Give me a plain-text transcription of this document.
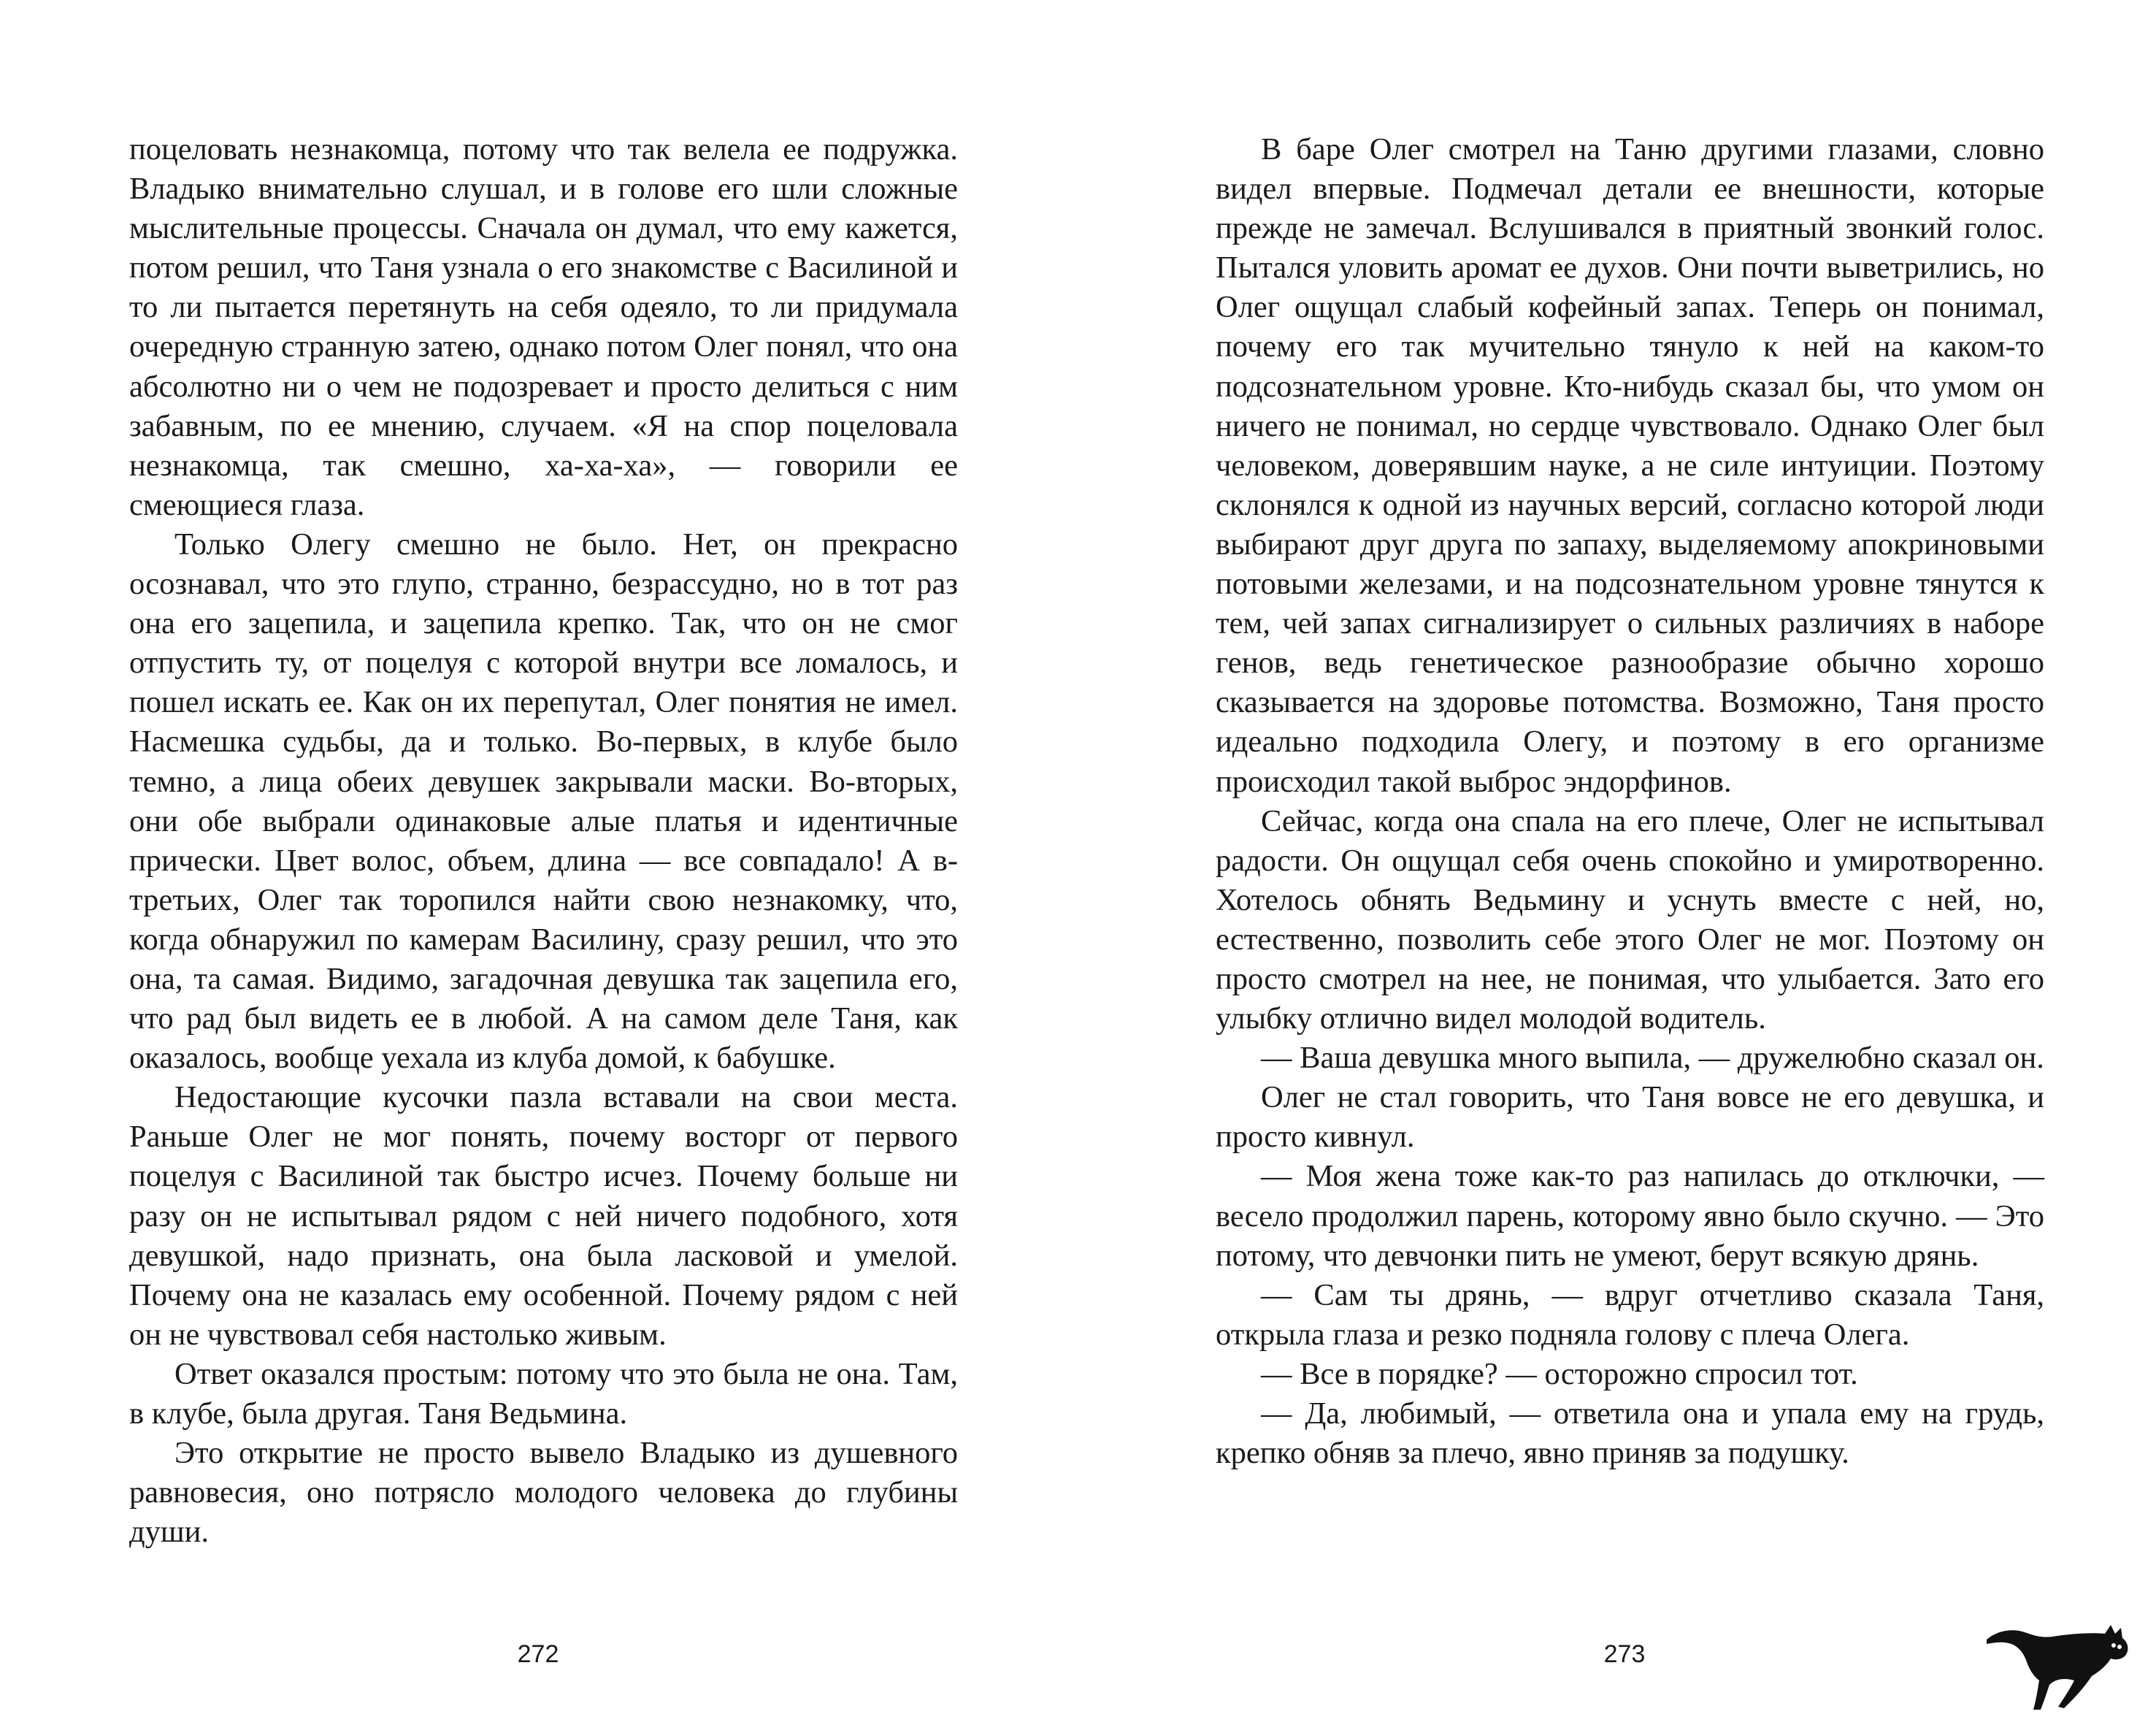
поцеловать незнакомца, потому что так велела ее подружка. Владыко внимательно слушал, и в голове его шли сложные мыслительные процессы. Сначала он думал, что ему кажется, потом решил, что Таня узнала о его знакомстве с Василиной и то ли пытается перетянуть на себя одеяло, то ли придумала очередную странную затею, однако потом Олег понял, что она абсолютно ни о чем не подозревает и просто делиться с ним забавным, по ее мнению, случаем. «Я на спор поцеловала незнакомца, так смешно, ха-ха-ха», — говорили ее смеющиеся глаза.

Только Олегу смешно не было. Нет, он прекрасно осознавал, что это глупо, странно, безрассудно, но в тот раз она его зацепила, и зацепила крепко. Так, что он не смог отпустить ту, от поцелуя с которой внутри все ломалось, и пошел искать ее. Как он их перепутал, Олег понятия не имел. Насмешка судьбы, да и только. Во-первых, в клубе было темно, а лица обеих девушек закрывали маски. Во-вторых, они обе выбрали одинаковые алые платья и идентичные прически. Цвет волос, объем, длина — все совпадало! А в-третьих, Олег так торопился найти свою незнакомку, что, когда обнаружил по камерам Василину, сразу решил, что это она, та самая. Видимо, загадочная девушка так зацепила его, что рад был видеть ее в любой. А на самом деле Таня, как оказалось, вообще уехала из клуба домой, к бабушке.

Недостающие кусочки пазла вставали на свои места. Раньше Олег не мог понять, почему восторг от первого поцелуя с Василиной так быстро исчез. Почему больше ни разу он не испытывал рядом с ней ничего подобного, хотя девушкой, надо признать, она была ласковой и умелой. Почему она не казалась ему особенной. Почему рядом с ней он не чувствовал себя настолько живым.

Ответ оказался простым: потому что это была не она. Там, в клубе, была другая. Таня Ведьмина.

Это открытие не просто вывело Владыко из душевного равновесия, оно потрясло молодого человека до глубины души.

В баре Олег смотрел на Таню другими глазами, словно видел впервые. Подмечал детали ее внешности, которые прежде не замечал. Вслушивался в приятный звонкий голос. Пытался уловить аромат ее духов. Они почти выветрились, но Олег ощущал слабый кофейный запах. Теперь он понимал, почему его так мучительно тянуло к ней на каком-то подсознательном уровне. Кто-нибудь сказал бы, что умом он ничего не понимал, но сердце чувствовало. Однако Олег был человеком, доверявшим науке, а не силе интуиции. Поэтому склонялся к одной из научных версий, согласно которой люди выбирают друг друга по запаху, выделяемому апокриновыми потовыми железами, и на подсознательном уровне тянутся к тем, чей запах сигнализирует о сильных различиях в наборе генов, ведь генетическое разнообразие обычно хорошо сказывается на здоровье потомства. Возможно, Таня просто идеально подходила Олегу, и поэтому в его организме происходил такой выброс эндорфинов.

Сейчас, когда она спала на его плече, Олег не испытывал радости. Он ощущал себя очень спокойно и умиротворенно. Хотелось обнять Ведьмину и уснуть вместе с ней, но, естественно, позволить себе этого Олег не мог. Поэтому он просто смотрел на нее, не понимая, что улыбается. Зато его улыбку отлично видел молодой водитель.

— Ваша девушка много выпила, — дружелюбно сказал он.

Олег не стал говорить, что Таня вовсе не его девушка, и просто кивнул.

— Моя жена тоже как-то раз напилась до отключки, — весело продолжил парень, которому явно было скучно. — Это потому, что девчонки пить не умеют, берут всякую дрянь.

— Сам ты дрянь, — вдруг отчетливо сказала Таня, открыла глаза и резко подняла голову с плеча Олега.

— Все в порядке? — осторожно спросил тот.

— Да, любимый, — ответила она и упала ему на грудь, крепко обняв за плечо, явно приняв за подушку.

272	273
